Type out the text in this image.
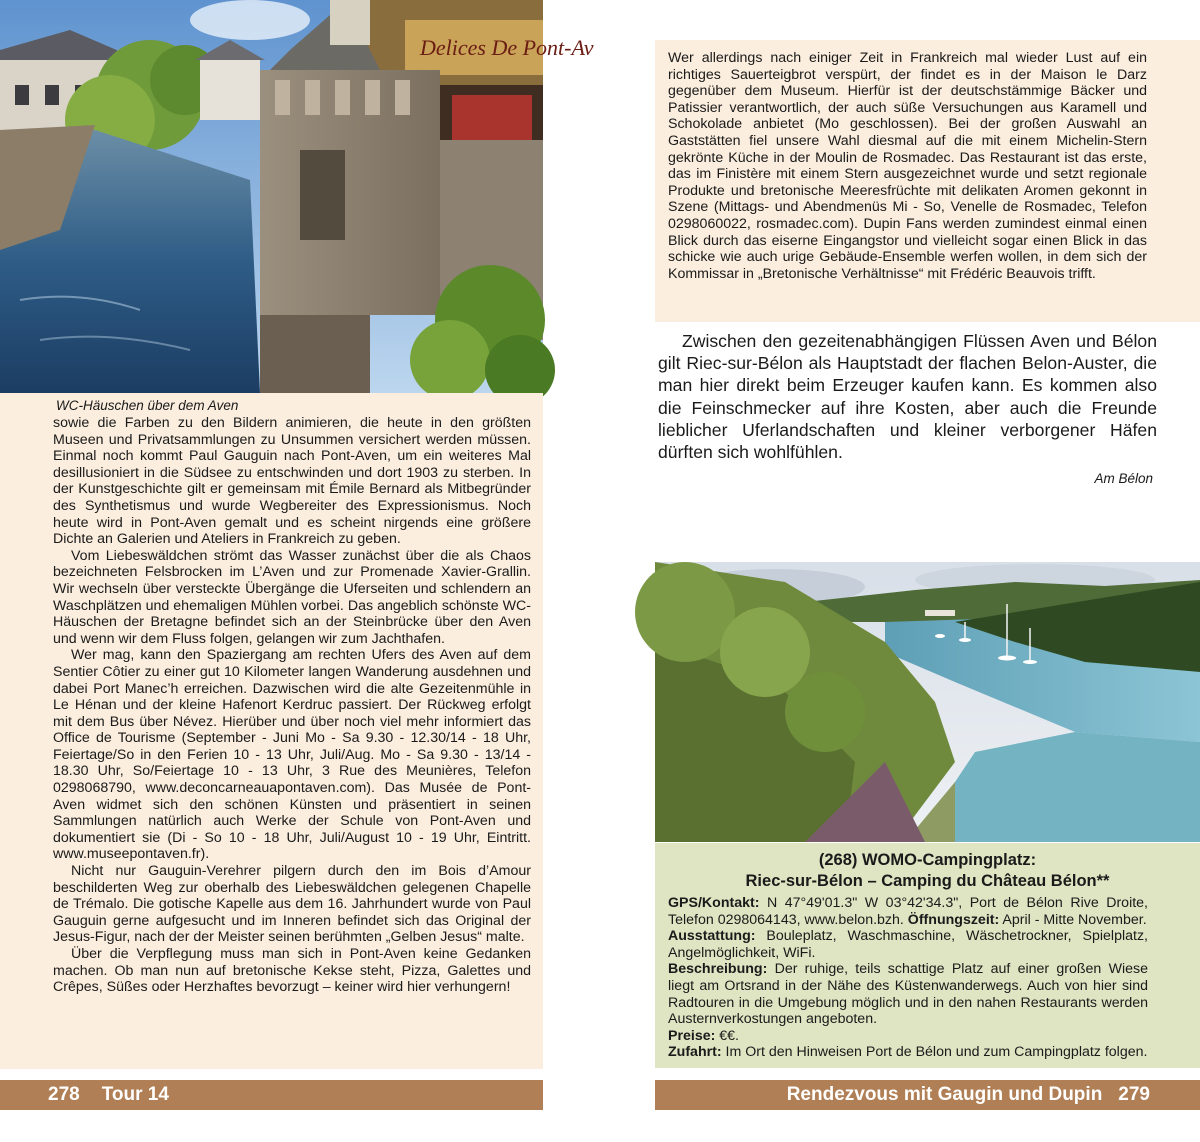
Delices De Pont-Av
WC-Häuschen über dem Aven

sowie die Farben zu den Bildern animieren, die heute in den größten Museen und Privatsammlungen zu Unsummen versichert werden müssen. Einmal noch kommt Paul Gauguin nach Pont-Aven, um ein weiteres Mal desillusioniert in die Südsee zu entschwinden und dort 1903 zu sterben. In der Kunstgeschichte gilt er gemeinsam mit Émile Bernard als Mitbegründer des Synthetismus und wurde Wegbereiter des Expressionismus. Noch heute wird in Pont-Aven gemalt und es scheint nirgends eine größere Dichte an Galerien und Ateliers in Frankreich zu geben.

Vom Liebeswäldchen strömt das Wasser zunächst über die als Chaos bezeichneten Felsbrocken im L’Aven und zur Promenade Xavier-Grallin. Wir wechseln über versteckte Übergänge die Uferseiten und schlendern an Waschplätzen und ehemaligen Mühlen vorbei. Das angeblich schönste WC- Häuschen der Bretagne befindet sich an der Steinbrücke über den Aven und wenn wir dem Fluss folgen, gelangen wir zum Jachthafen.

Wer mag, kann den Spaziergang am rechten Ufers des Aven auf dem Sentier Côtier zu einer gut 10 Kilometer langen Wanderung ausdehnen und dabei Port Manec’h erreichen. Dazwischen wird die alte Gezeitenmühle in Le Hénan und der kleine Hafenort Kerdruc passiert. Der Rückweg erfolgt mit dem Bus über Névez. Hierüber und über noch viel mehr informiert das Office de Tourisme (September - Juni Mo - Sa 9.30 - 12.30/14 - 18 Uhr, Feiertage/So in den Ferien 10 - 13 Uhr, Juli/Aug. Mo - Sa 9.30 - 13/14 - 18.30 Uhr, So/Feiertage 10 - 13 Uhr, 3 Rue des Meunières, Telefon 0298068790, www.deconcarneauapontaven.com). Das Musée de Pont- Aven widmet sich den schönen Künsten und präsentiert in seinen Sammlungen natürlich auch Werke der Schule von Pont-Aven und dokumentiert sie (Di - So 10 - 18 Uhr, Juli/August 10 - 19 Uhr, Eintritt. www.museepontaven.fr).

Nicht nur Gauguin-Verehrer pilgern durch den im Bois d’Amour beschilderten Weg zur oberhalb des Liebeswäldchen gelegenen Chapelle de Trémalo. Die gotische Kapelle aus dem 16. Jahrhundert wurde von Paul Gauguin gerne aufgesucht und im Inneren befindet sich das Original der Jesus-Figur, nach der der Meister seinen berühmten „Gelben Jesus“ malte.

Über die Verpflegung muss man sich in Pont-Aven keine Gedanken machen. Ob man nun auf bretonische Kekse steht, Pizza, Galettes und Crêpes, Süßes oder Herzhaftes bevorzugt – keiner wird hier verhungern!

278 Tour 14
Wer allerdings nach einiger Zeit in Frankreich mal wieder Lust auf ein richtiges Sauerteigbrot verspürt, der findet es in der Maison le Darz gegenüber dem Museum. Hierfür ist der deutschstämmige Bäcker und Patissier verantwortlich, der auch süße Versuchungen aus Karamell und Schokolade anbietet (Mo geschlossen). Bei der großen Auswahl an Gaststätten fiel unsere Wahl diesmal auf die mit einem Michelin-Stern gekrönte Küche in der Moulin de Rosmadec. Das Restaurant ist das erste, das im Finistère mit einem Stern ausgezeichnet wurde und setzt regionale Produkte und bretonische Meeresfrüchte mit delikaten Aromen gekonnt in Szene (Mittags- und Abendmenüs Mi - So, Venelle de Rosmadec, Telefon 0298060022, rosmadec.com). Dupin Fans werden zumindest einmal einen Blick durch das eiserne Eingangstor und vielleicht sogar einen Blick in das schicke wie auch urige Gebäude-Ensemble werfen wollen, in dem sich der Kommissar in „Bretonische Verhältnisse“ mit Frédéric Beauvois trifft.
Zwischen den gezeitenabhängigen Flüssen Aven und Bélon gilt Riec-sur-Bélon als Hauptstadt der flachen Belon-Auster, die man hier direkt beim Erzeuger kaufen kann. Es kommen also die Feinschmecker auf ihre Kosten, aber auch die Freunde lieblicher Uferlandschaften und kleiner verborgener Häfen dürften sich wohlfühlen.
Am Bélon
(268) WOMO-Campingplatz:
Riec-sur-Bélon – Camping du Château Bélon**

GPS/Kontakt: N 47°49'01.3" W 03°42'34.3", Port de Bélon Rive Droite, Telefon 0298064143, www.belon.bzh. Öffnungszeit: April - Mitte November.

Ausstattung: Bouleplatz, Waschmaschine, Wäschetrockner, Spielplatz, Angelmöglichkeit, WiFi.

Beschreibung: Der ruhige, teils schattige Platz auf einer großen Wiese liegt am Ortsrand in der Nähe des Küstenwanderwegs. Auch von hier sind Radtouren in die Umgebung möglich und in den nahen Restaurants werden Austernverkostungen angeboten.

Preise: €€.

Zufahrt: Im Ort den Hinweisen Port de Bélon und zum Campingplatz folgen.

Rendezvous mit Gaugin und Dupin 279
